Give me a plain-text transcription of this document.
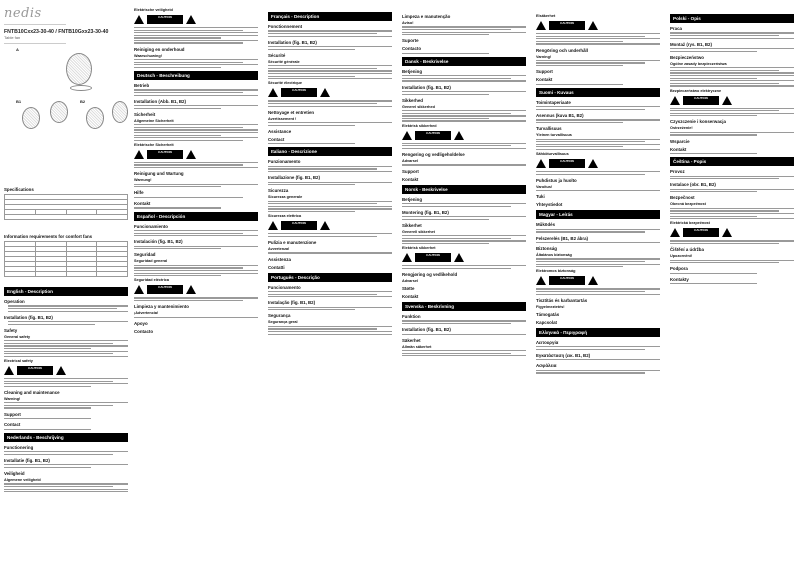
nedis
FNTB10Cxx23-30-40 / FNTB10Gxx23-30-40
Table fan
A
B1	B2
Specifications

Information requirements for comfort fans

English - Description
Operation
Installation (fig. B1, B2)
Safety
General safety
Electrical safety
CAUTION
Cleaning and maintenance
Warning!
Support
Contact
Nederlands - Beschrijving
Functionering
Installatie (fig. B1, B2)
Veiligheid
Algemene veiligheid
Elektrische veiligheid
CAUTION
Reiniging en onderhoud
Waarschuwing!
Deutsch - Beschreibung
Betrieb
Installation (Abb. B1, B2)
Sicherheit
Allgemeine Sicherheit
Elektrische Sicherheit
CAUTION
Reinigung und Wartung
Warnung!
Hilfe
Kontakt
Español - Descripción
Funcionamiento
Instalación (fig. B1, B2)
Seguridad
Seguridad general
Seguridad eléctrica
CAUTION
Limpieza y mantenimiento
¡Advertencia!
Apoyo
Contacto
Français - Description
Fonctionnement
Installation (fig. B1, B2)
Sécurité
Sécurité générale
Sécurité électrique
CAUTION
Nettoyage et entretien
Avertissement !
Assistance
Contact
Italiano - Descrizione
Funzionamento
Installazione (fig. B1, B2)
Sicurezza
Sicurezza generale
Sicurezza elettrica
CAUTION
Pulizia e manutenzione
Avvertenza!
Assistenza
Contatti
Português - Descrição
Funcionamento
Instalação (fig. B1, B2)
Segurança
Segurança geral
Limpeza e manutenção
Aviso!
Suporte
Contacto
Dansk - Beskrivelse
Betjening
Installation (fig. B1, B2)
Sikkerhed
Generel sikkerhed
Elektrisk sikkerhed
CAUTION
Rengøring og vedligeholdelse
Advarsel
Support
Kontakt
Norsk - Beskrivelse
Betjening
Montering (fig. B1, B2)
Sikkerhet
Generell sikkerhet
Elektrisk sikkerhet
CAUTION
Rengjøring og vedlikehold
Advarsel
Støtte
Kontakt
Svenska - Beskrivning
Funktion
Installation (fig. B1, B2)
Säkerhet
Allmän säkerhet
Elsäkerhet
CAUTION
Rengöring och underhåll
Varning!
Support
Kontakt
Suomi - Kuvaus
Toimintaperiaate
Asennus (kuva B1, B2)
Turvallisuus
Yleinen turvallisuus
Sähköturvallisuus
CAUTION
Puhdistus ja huolto
Varoitus!
Tuki
Yhteystiedot
Magyar - Leírás
Működés
Felszerelés (B1, B2 ábra)
Biztonság
Általános biztonság
Elektromos biztonság
CAUTION
Tisztítás és karbantartás
Figyelmeztetés!
Támogatás
Kapcsolat
Ελληνικά - Περιγραφή
Λειτουργία
Εγκατάσταση (εικ. B1, B2)
Ασφάλεια
Polski - Opis
Praca
Montaż (rys. B1, B2)
Bezpieczeństwo
Ogólne zasady bezpieczeństwa
Bezpieczeństwo elektryczne
CAUTION
Czyszczenie i konserwacja
Ostrzeżenie!
Wsparcie
Kontakt
Čeština - Popis
Provoz
Instalace (obr. B1, B2)
Bezpečnost
Obecná bezpečnost
Elektrická bezpečnost
CAUTION
Čištění a údržba
Upozornění!
Podpora
Kontakty
